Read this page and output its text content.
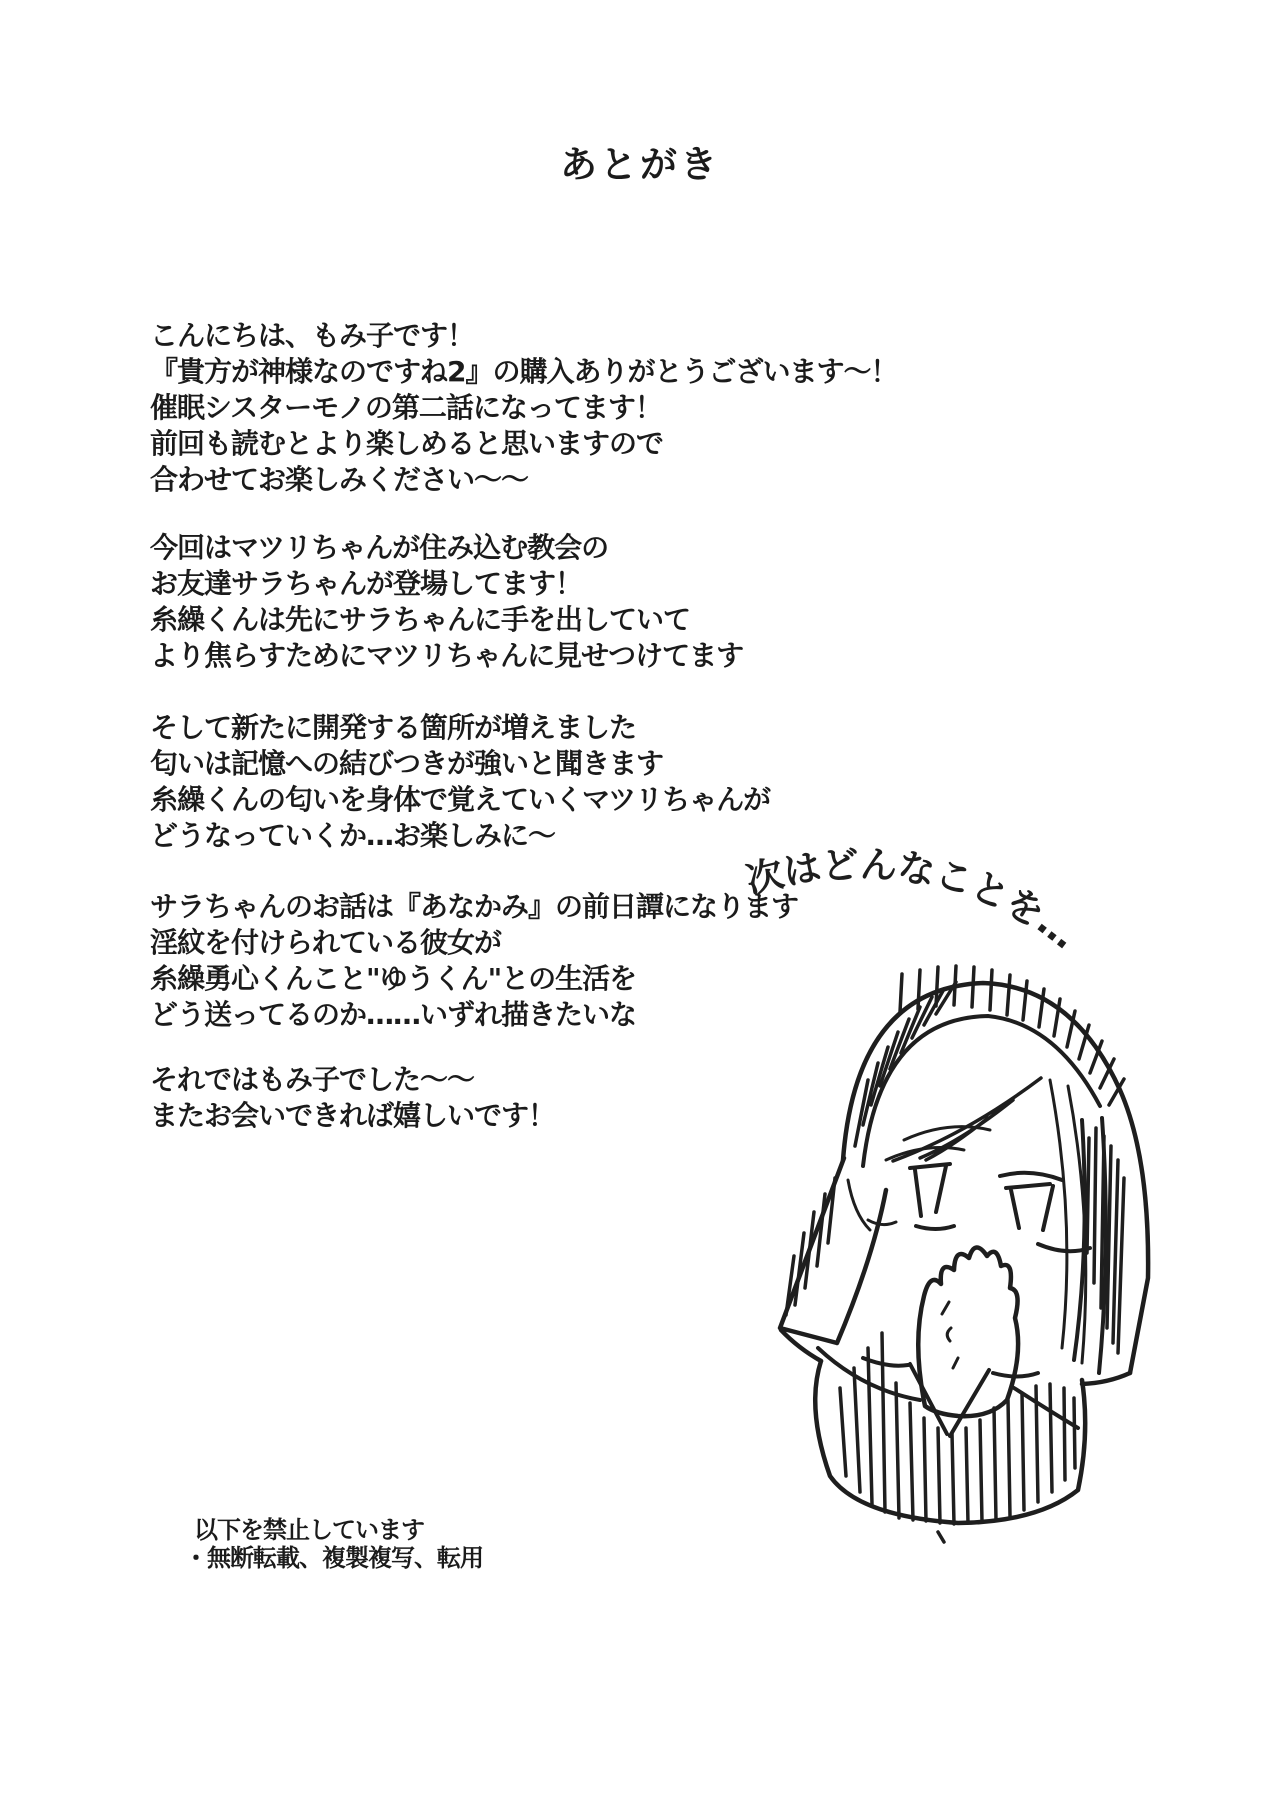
あとがき
こんにちは、もみ子です！
『貴方が神様なのですね2』の購入ありがとうございます〜！
催眠シスターモノの第二話になってます！
前回も読むとより楽しめると思いますので
合わせてお楽しみください〜〜
今回はマツリちゃんが住み込む教会の
お友達サラちゃんが登場してます！
糸繰くんは先にサラちゃんに手を出していて
より焦らすためにマツリちゃんに見せつけてます
そして新たに開発する箇所が増えました
匂いは記憶への結びつきが強いと聞きます
糸繰くんの匂いを身体で覚えていくマツリちゃんが
どうなっていくか…お楽しみに〜
サラちゃんのお話は『あなかみ』の前日譚になります
淫紋を付けられている彼女が
糸繰勇心くんこと"ゆうくん"との生活を
どう送ってるのか……いずれ描きたいな
それではもみ子でした〜〜
またお会いできれば嬉しいです！
次はどんなことを…
以下を禁止しています
・無断転載、複製複写、転用
